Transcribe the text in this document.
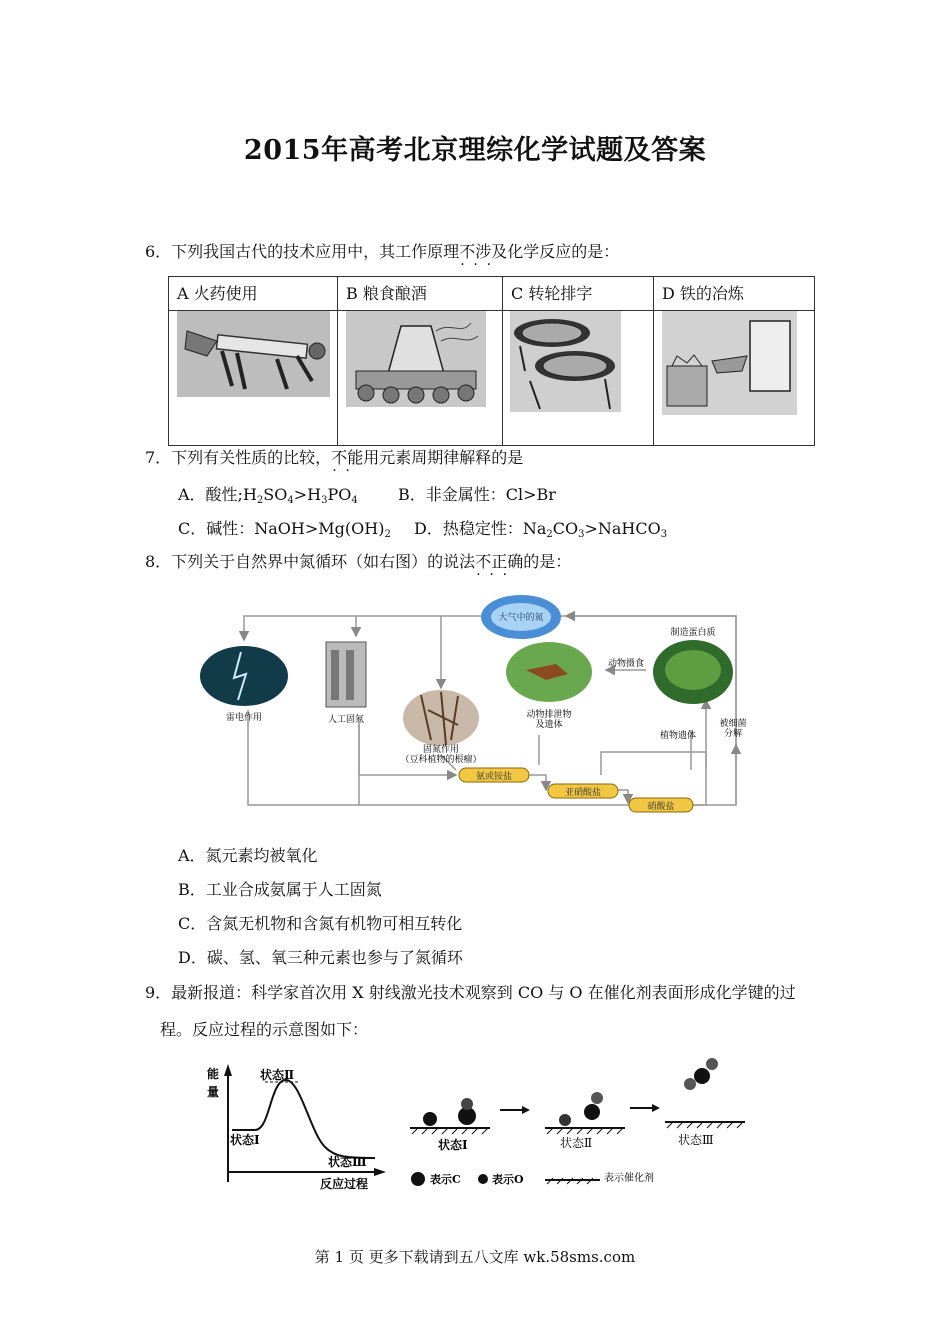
2015年高考北京理综化学试题及答案
6．下列我国古代的技术应用中，其工作原理不涉及 · · ·化学反应的是：
A 火药使用	B 粮食酿酒	C 转轮排字	D 铁的冶炼

7．下列有关性质的比较，不能 · ·用元素周期律解释的是
A．酸性$;H_2SO_4>H_3PO_4$	B．非金属性：Cl>Br
C．碱性：$NaOH>Mg(OH)_2$ D．热稳定性：$Na_2CO_3>NaHCO_3$
8．下列关于自然界中氮循环（如右图）的说法不正确 · · ·的是：
大气中的氮
雷电作用	人工固氮
固氮作用
（豆科植物的根瘤）
动物排泄物
及遗体
动物摄食
制造蛋白质
植物遗体
被细菌
分解
氨或铵盐
亚硝酸盐
硝酸盐
A．氮元素均被氧化
B．工业合成氨属于人工固氮
C．含氮无机物和含氮有机物可相互转化
D．碳、氢、氧三种元素也参与了氮循环
9．最新报道：科学家首次用 X 射线激光技术观察到 CO 与 O 在催化剂表面形成化学键的过
程。反应过程的示意图如下：
能
量
状态Ⅱ
状态Ⅰ
状态Ⅲ
反应过程
状态Ⅰ	状态Ⅱ	状态Ⅲ
表示C	表示O	表示催化剂
第 1 页 更多下载请到五八文库 wk.58sms.com
